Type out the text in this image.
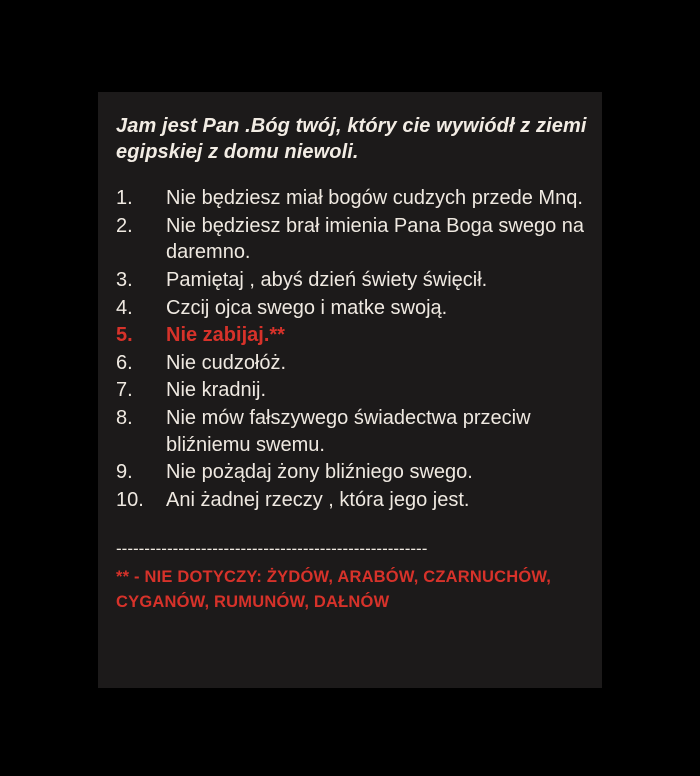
Jam jest Pan .Bóg twój, który cie wywiódł z ziemi egipskiej z domu niewoli.

1.	Nie będziesz miał bogów cudzych przede Mnq.
2.	Nie będziesz brał imienia Pana Boga swego na daremno.
3.	Pamiętaj , abyś dzień świety święcił.
4.	Czcij ojca swego i matke swoją.
5.	Nie zabijaj.**
6.	Nie cudzołóż.
7.	Nie kradnij.
8.	Nie mów fałszywego świadectwa przeciw bliźniemu swemu.
9.	Nie pożądaj żony bliźniego swego.
10.	Ani żadnej rzeczy , która jego jest.
-------------------------------------------------------

** - NIE DOTYCZY: ŻYDÓW, ARABÓW, CZARNUCHÓW, CYGANÓW, RUMUNÓW, DAŁNÓW
